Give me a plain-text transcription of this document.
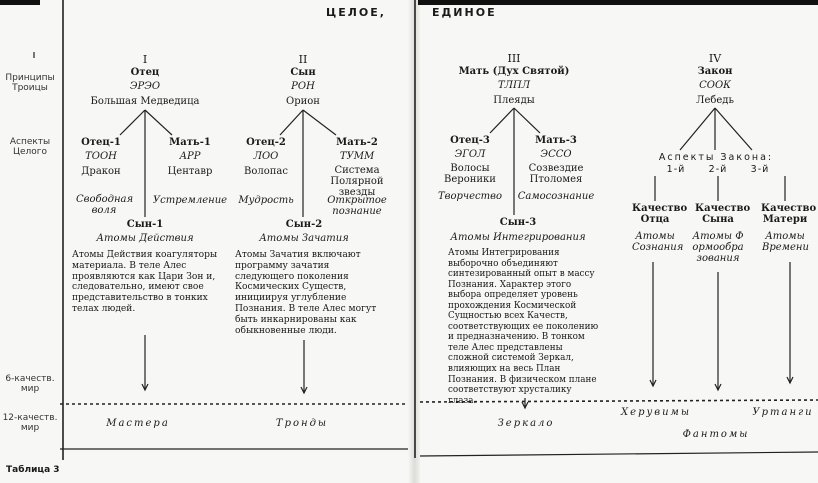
ЦЕЛОЕ,	ЕДИНОЕ
Принципы Троицы
Аспекты Целого
6-качеств. мир
12-качеств. мир
I
Отец
ЭРЭО
Большая Медведица
Отец-1
ТООН
Дракон
Свободная воля
Мать-1
АРР
Центавр
Устремление
Сын-1
Атомы Действия
Атомы Действия коагуляторы материала. В теле Алес проявляются как Цари Зон и, следовательно, имеют свое представительство в тонких телах людей.
Мастера
II
Сын
РОН
Орион
Отец-2
ЛОО
Волопас
Мудрость
Мать-2
ТУММ
Система Полярной звезды
Открытое познание
Сын-2
Атомы Зачатия
Атомы Зачатия включают программу зачатия следующего поколения Космических Существ, инициируя углубление Познания. В теле Алес могут быть инкарнированы как обыкновенные люди.
Тронды
III
Мать (Дух Святой)
ТЛПЛ
Плеяды
Отец-3
ЭГОЛ
Волосы Вероники
Творчество
Мать-3
ЭССО
Созвездие Птоломея
Самосознание
Сын-3
Атомы Интегрирования
Атомы Интегрирования выборочно объединяют синтезированный опыт в массу Познания. Характер этого выбора определяет уровень прохождения Космической Сущностью всех Качеств, соответствующих ее поколению и предназначению. В тонком теле Алес представлены сложной системой Зеркал, влияющих на весь План Познания. В физическом плане соответствуют хрусталику глаза.
Зеркало
IV
Закон
СООК
Лебедь
Аспекты Закона:
1-й 2-й 3-й
Качество Отца
Атомы Сознания
Качество Сына
Атомы Формообразования
Качество Матери
Атомы Времени
Херувимы	Уртанги
Фантомы
Таблица 3
